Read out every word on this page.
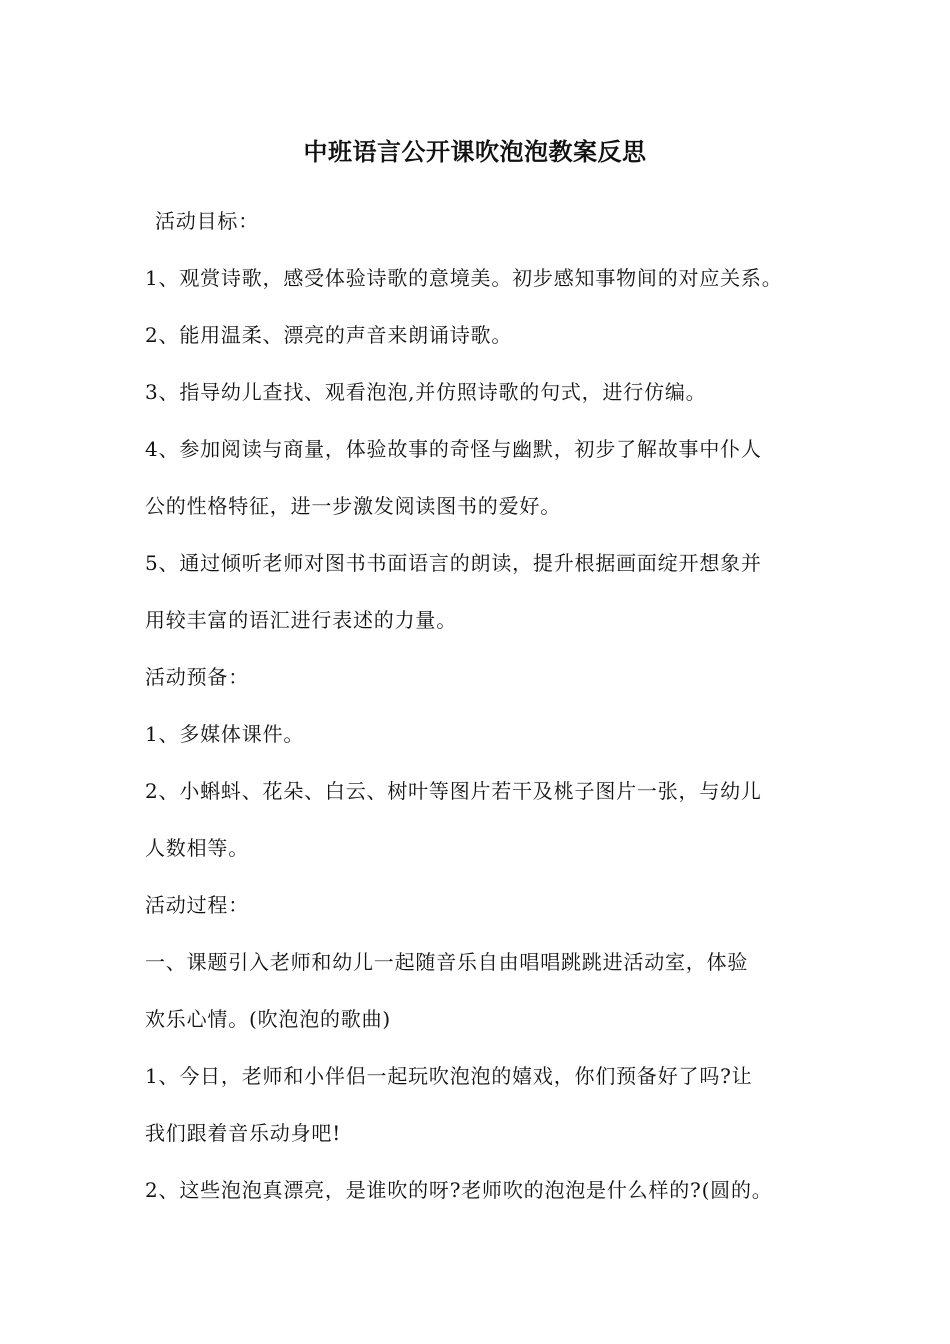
中班语言公开课吹泡泡教案反思
活动目标：
1、观赏诗歌，感受体验诗歌的意境美。初步感知事物间的对应关系。
2、能用温柔、漂亮的声音来朗诵诗歌。
3、指导幼儿查找、观看泡泡,并仿照诗歌的句式，进行仿编。
4、参加阅读与商量，体验故事的奇怪与幽默，初步了解故事中仆人
公的性格特征，进一步激发阅读图书的爱好。
5、通过倾听老师对图书书面语言的朗读，提升根据画面绽开想象并
用较丰富的语汇进行表述的力量。
活动预备：
1、多媒体课件。
2、小蝌蚪、花朵、白云、树叶等图片若干及桃子图片一张，与幼儿
人数相等。
活动过程：
一、课题引入老师和幼儿一起随音乐自由唱唱跳跳进活动室，体验
欢乐心情。(吹泡泡的歌曲)
1、今日，老师和小伴侣一起玩吹泡泡的嬉戏，你们预备好了吗?让
我们跟着音乐动身吧!
2、这些泡泡真漂亮，是谁吹的呀?老师吹的泡泡是什么样的?(圆的。
